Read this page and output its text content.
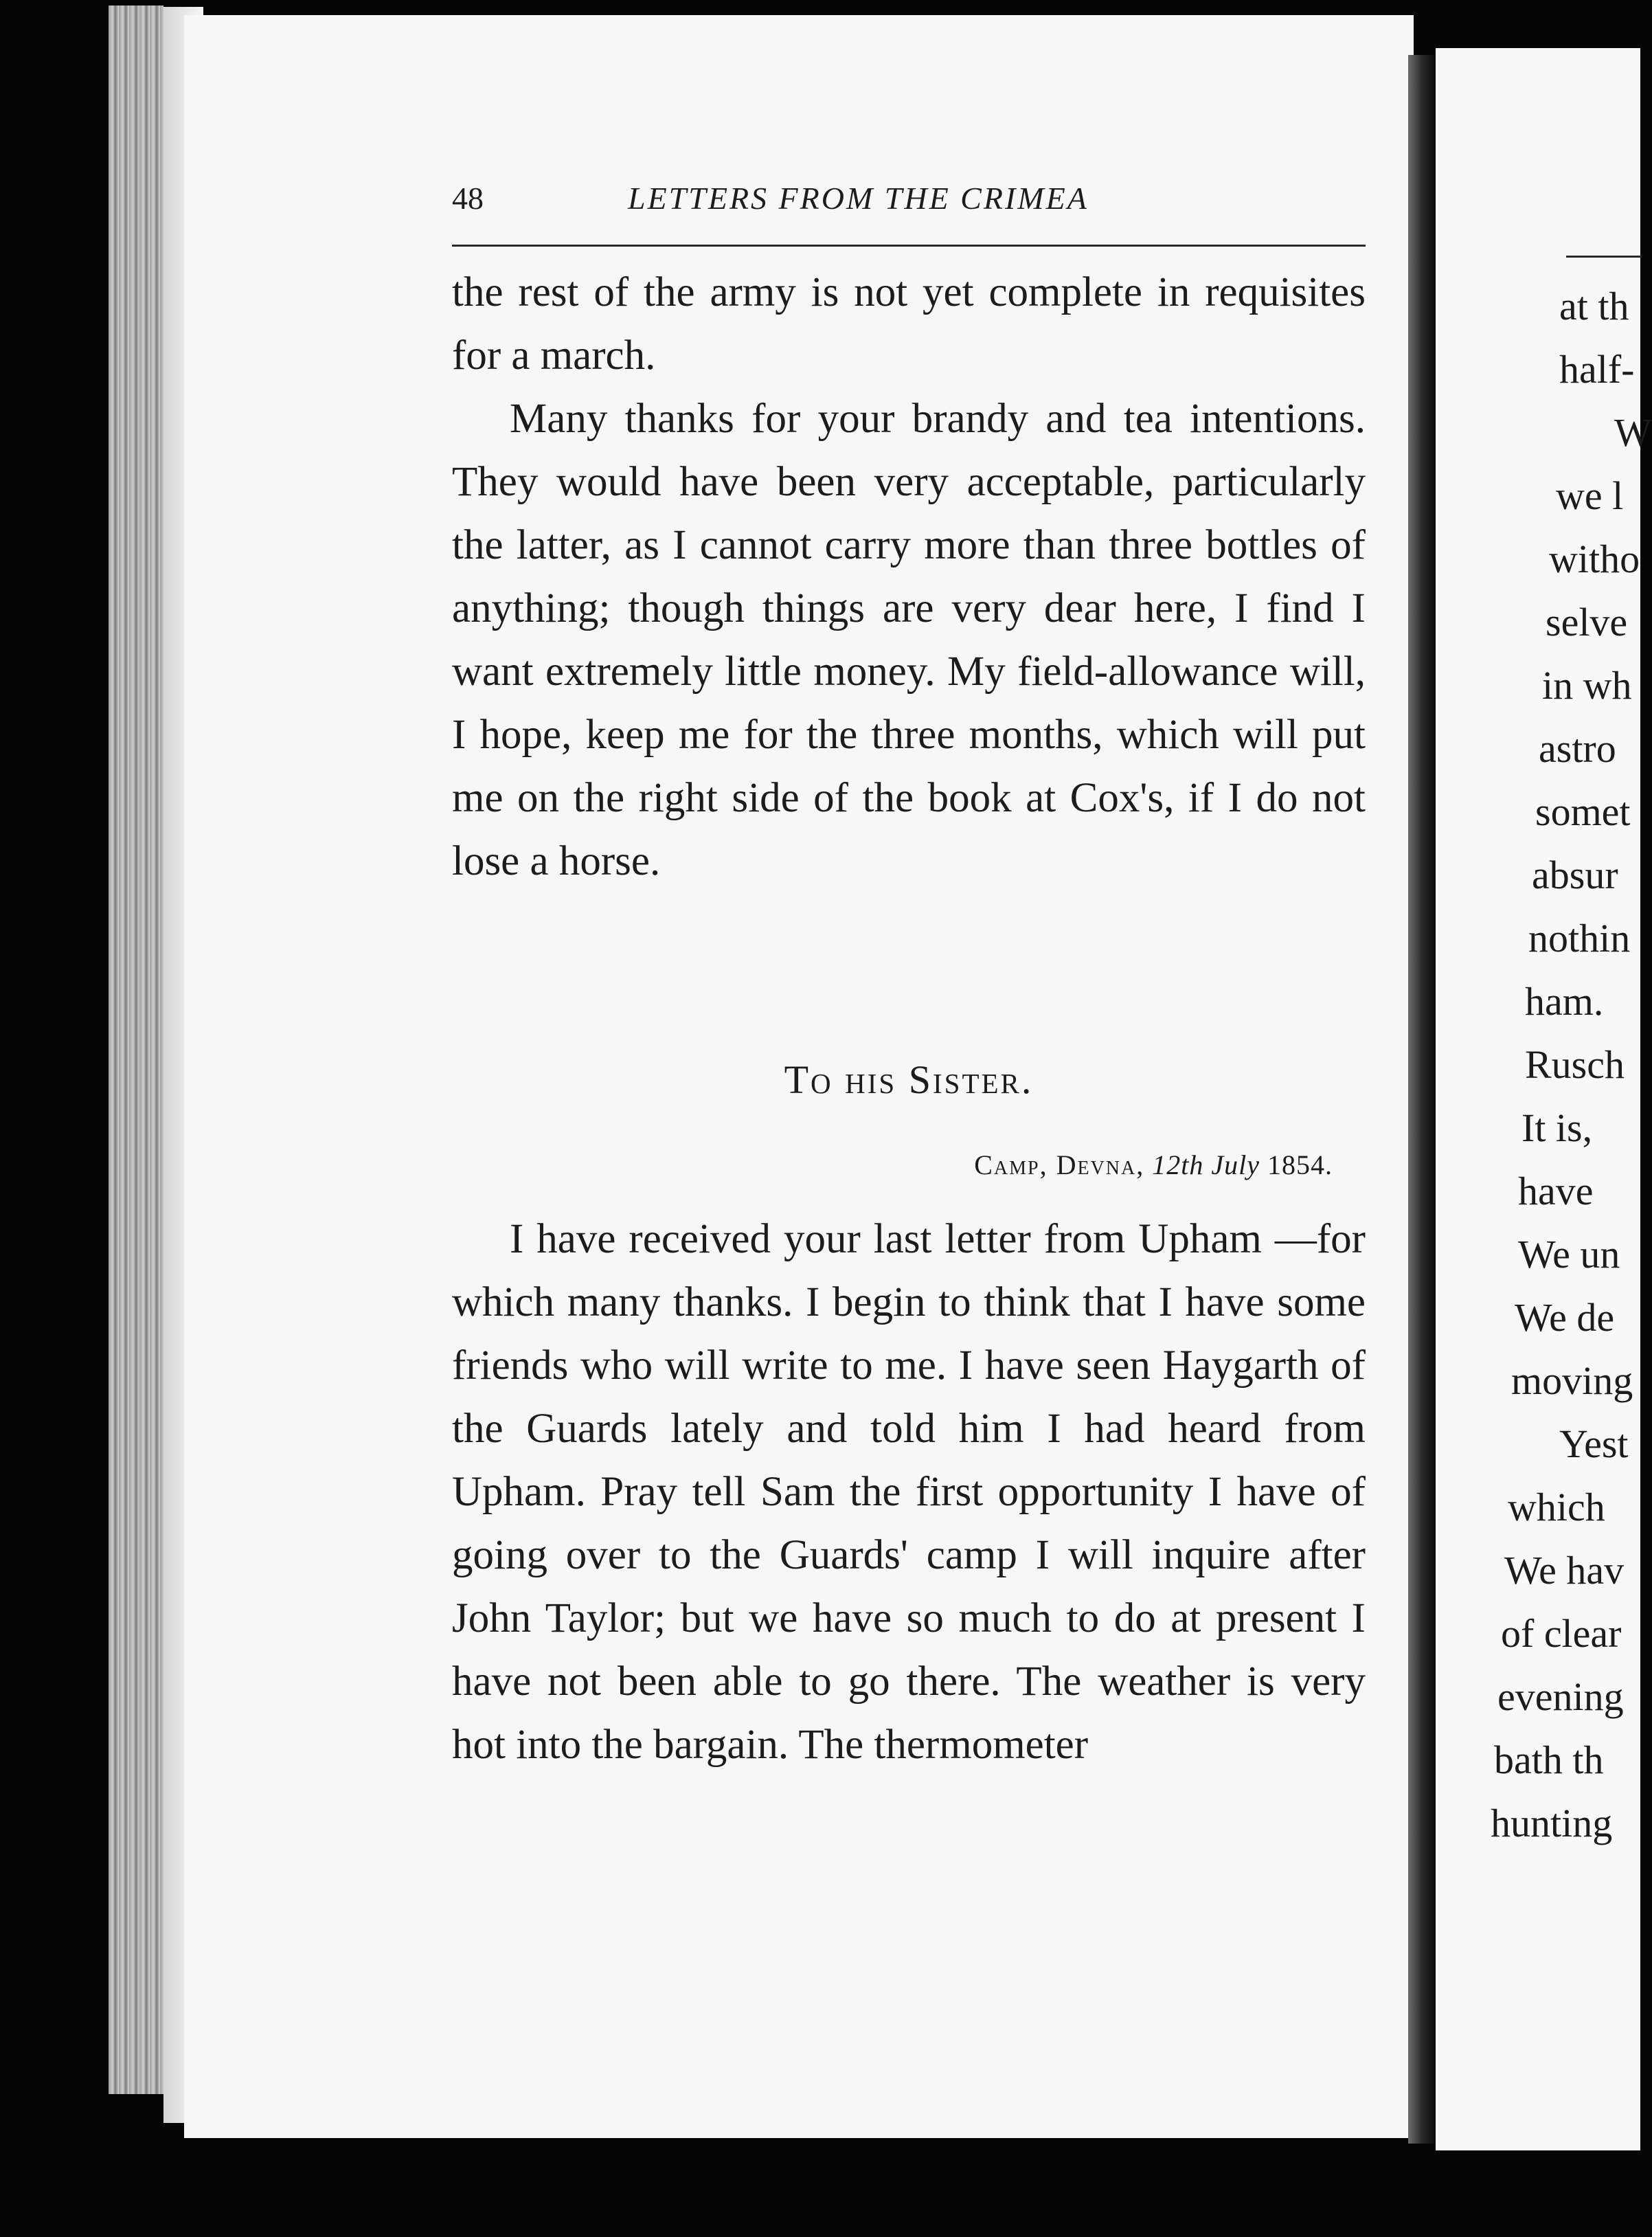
48	LETTERS FROM THE CRIMEA

the rest of the army is not yet complete in requisites for a march.

Many thanks for your brandy and tea intentions. They would have been very acceptable, particularly the latter, as I cannot carry more than three bottles of anything; though things are very dear here, I find I want extremely little money. My field-allowance will, I hope, keep me for the three months, which will put me on the right side of the book at Cox's, if I do not lose a horse.

To his Sister.
Camp, Devna, 12th July 1854.

I have received your last letter from Upham —for which many thanks. I begin to think that I have some friends who will write to me. I have seen Haygarth of the Guards lately and told him I had heard from Upham. Pray tell Sam the first opportunity I have of going over to the Guards' camp I will inquire after John Taylor; but we have so much to do at present I have not been able to go there. The weather is very hot into the bargain. The thermometer

at th
half-
W
we l
witho
selve
in wh
astro
somet
absur
nothin
ham.
Rusch
It is,
have
We un
We de
moving
Yest
which
We hav
of clear
evening
bath th
hunting
